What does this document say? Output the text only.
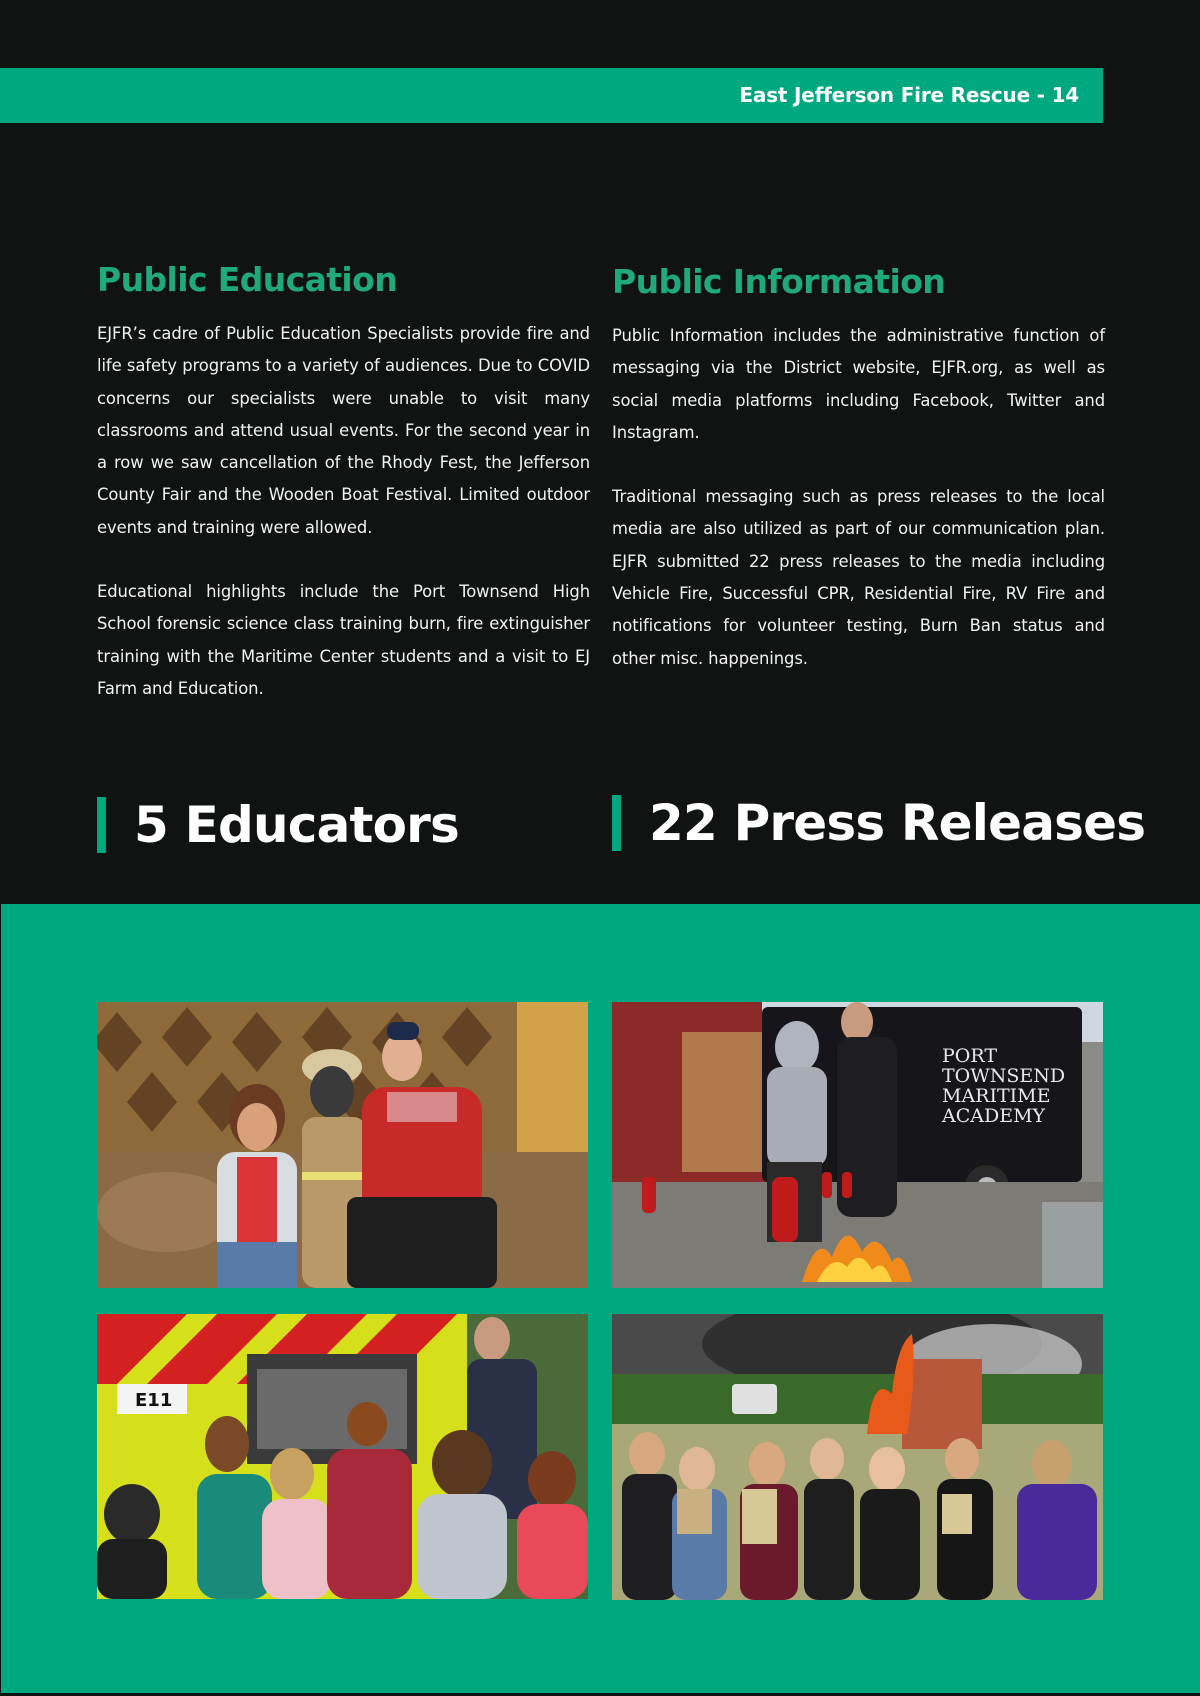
East Jefferson Fire Rescue - 14
Public Education

EJFR’s cadre of Public Education Specialists provide fire and life safety programs to a variety of audiences. Due to COVID concerns our specialists were unable to visit many classrooms and attend usual events. For the second year in a row we saw cancellation of the Rhody Fest, the Jefferson County Fair and the Wooden Boat Festival. Limited outdoor events and training were allowed.

Educational highlights include the Port Townsend High School forensic science class training burn, fire extinguisher training with the Maritime Center students and a visit to EJ Farm and Education.

Public Information

Public Information includes the administrative function of messaging via the District website, EJFR.org, as well as social media platforms including Facebook, Twitter and Instagram.

Traditional messaging such as press releases to the local media are also utilized as part of our communication plan. EJFR submitted 22 press releases to the media including Vehicle Fire, Successful CPR, Residential Fire, RV Fire and notifications for volunteer testing, Burn Ban status and other misc. happenings.

5 Educators	22 Press Releases
PORT
TOWNSEND
MARITIME
ACADEMY
E11
